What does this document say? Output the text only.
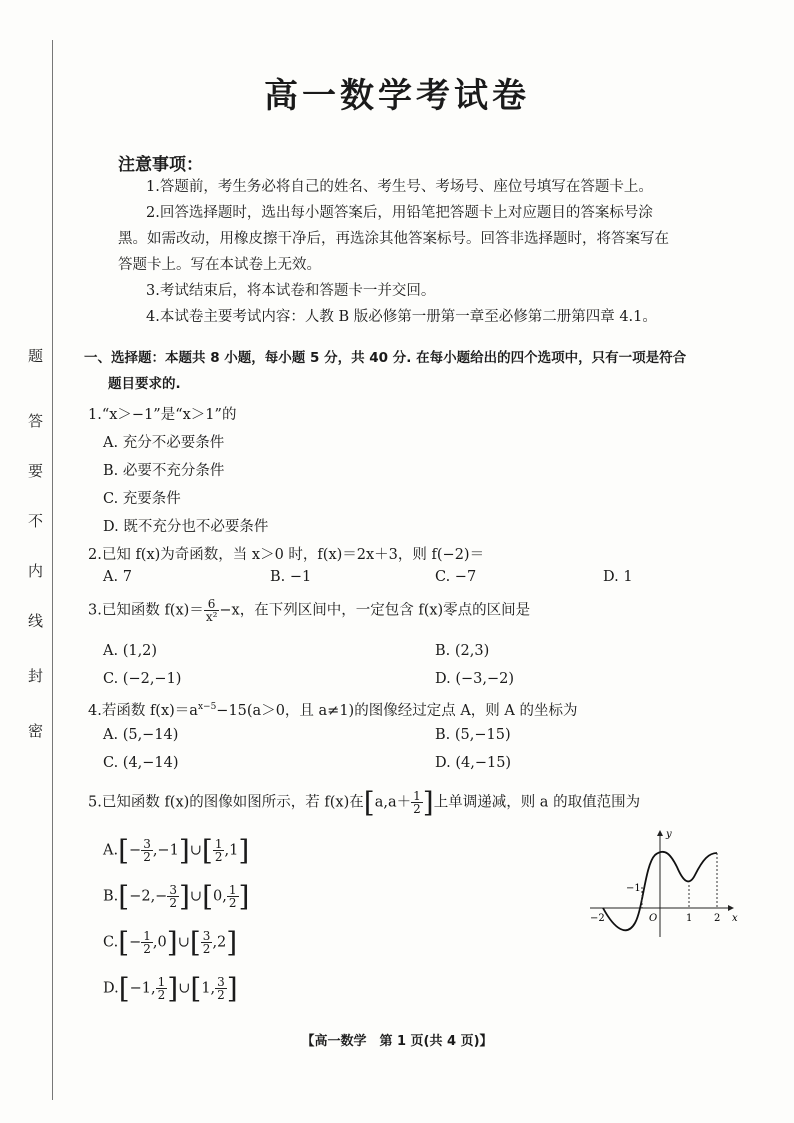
题
答
要
不
内
线
封
密
高一数学考试卷
注意事项：
1.答题前，考生务必将自己的姓名、考生号、考场号、座位号填写在答题卡上。
2.回答选择题时，选出每小题答案后，用铅笔把答题卡上对应题目的答案标号涂
黑。如需改动，用橡皮擦干净后，再选涂其他答案标号。回答非选择题时，将答案写在
答题卡上。写在本试卷上无效。
3.考试结束后，将本试卷和答题卡一并交回。
4.本试卷主要考试内容：人教 B 版必修第一册第一章至必修第二册第四章 4.1。
一、选择题：本题共 8 小题，每小题 5 分，共 40 分. 在每小题给出的四个选项中，只有一项是符合
题目要求的.
1.“x＞−1”是“x＞1”的
A. 充分不必要条件
B. 必要不充分条件
C. 充要条件
D. 既不充分也不必要条件
2.已知 f(x)为奇函数，当 x＞0 时，f(x)＝2x＋3，则 f(−2)＝
A. 7	B. −1	C. −7	D. 1
3.已知函数 $f(x)= \frac{6}{\text{x²}} -x$，在下列区间中，一定包含 f(x)零点的区间是
A. (1,2)	B. (2,3)
C. (−2,−1)	D. (−3,−2)
4.若函数 $f(x)=a^{x-5}-15(a>0$，且 a≠1)的图像经过定点 A，则 A 的坐标为
A. (5,−14)	B. (5,−15)
C. (4,−14)	D. (4,−15)
5.已知函数 f(x)的图像如图所示，若 f(x)在[$a,a+ \frac{1}{2}$ ]上单调递减，则 a 的取值范围为
$A.[- \frac{3}{2}$ ,−1]∪[ $\frac{1}{2} ,1$]
$B.[-2,- \frac{3}{2}$ ]∪[0, $\frac{1}{2}$ ]
$C.[- \frac{1}{2}$ ,0]∪[ $\frac{3}{2} ,2$]
D.[−1, $\frac{1}{2}$ ]∪[1, $\frac{3}{2}$ ]
y
x
O
−2
−1
1 2
【高一数学　第 1 页(共 4 页)】
